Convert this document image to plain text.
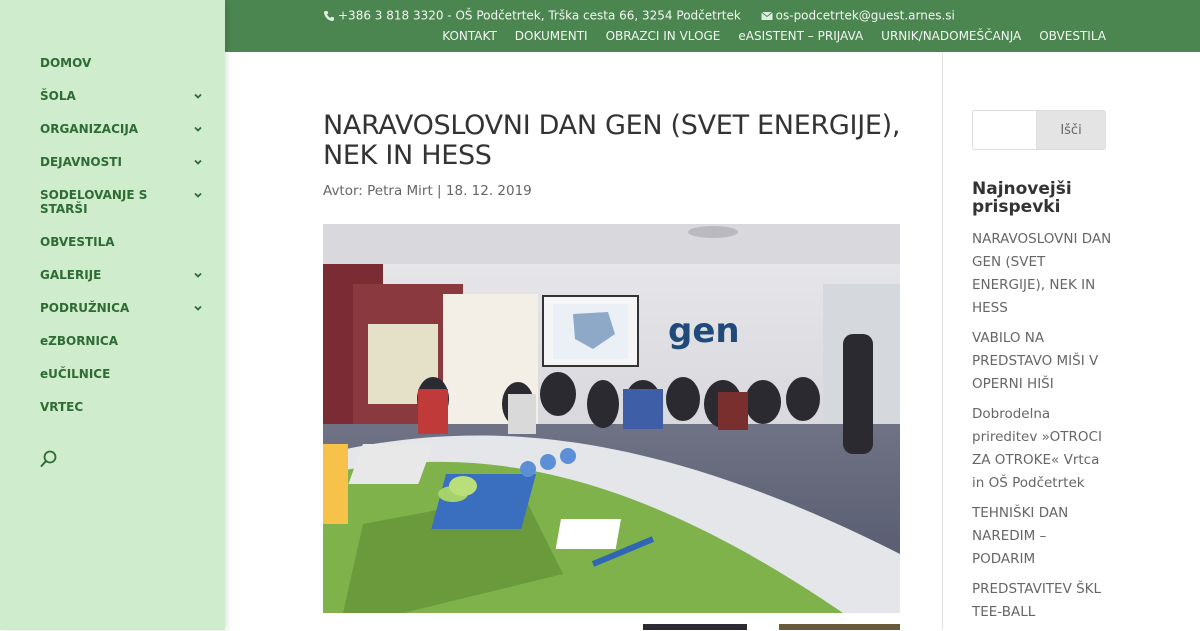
DOMOV
ŠOLA
ORGANIZACIJA
DEJAVNOSTI
SODELOVANJE S STARŠI
OBVESTILA
GALERIJE
PODRUŽNICA
eZBORNICA
eUČILNICE
VRTEC
+386 3 818 3320 - OŠ Podčetrtek, Trška cesta 66, 3254 Podčetrtek	os-podcetrtek@guest.arnes.si
KONTAKT DOKUMENTI OBRAZCI IN VLOGE eASISTENT – PRIJAVA URNIK/NADOMEŠČANJA OBVESTILA
NARAVOSLOVNI DAN GEN (SVET ENERGIJE), NEK IN HESS
Avtor: Petra Mirt | 18. 12. 2019
gen
Išči
Najnovejši prispevki
NARAVOSLOVNI DAN GEN (SVET ENERGIJE), NEK IN HESS
VABILO NA PREDSTAVO MIŠI V OPERNI HIŠI
Dobrodelna prireditev »OTROCI ZA OTROKE« Vrtca in OŠ Podčetrtek
TEHNIŠKI DAN NAREDIM – PODARIM
PREDSTAVITEV ŠKL TEE-BALL
